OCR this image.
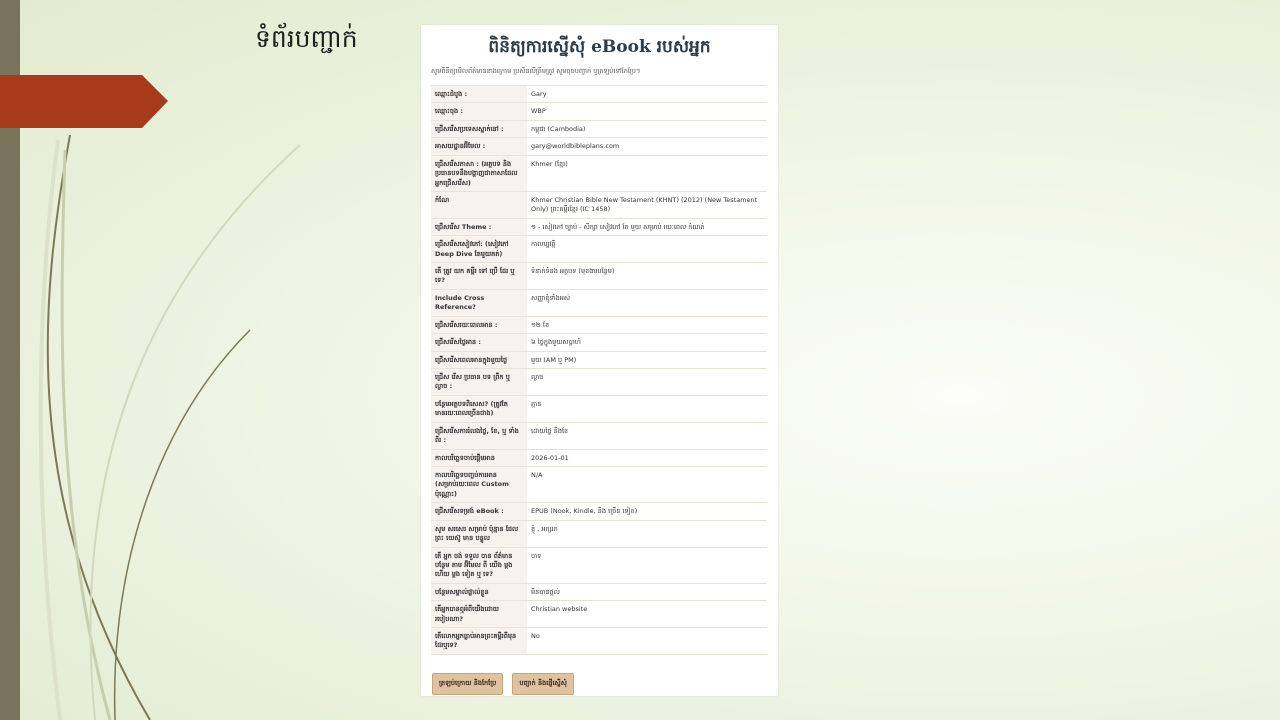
ទំព័របញ្ជាក់	ពិនិត្យការស្នើសុំ eBook របស់អ្នក
សូមពិនិត្យមើលព័ត៌មានខាងក្រោម ប្រសិនបើត្រឹមត្រូវ សូមចុចបញ្ជាក់ ឬត្រឡប់ទៅកែប្រែ។
ឈ្មោះដំបូង :	Gary
ឈ្មោះចុង :	WBP
ជ្រើសរើសប្រទេសស្នាក់នៅ :	កម្ពុជា (Cambodia)
អាសយដ្ឋានអ៊ីមែល :	gary@worldbibleplans.com
ជ្រើសរើសភាសា : (អត្ថបទ និងប្រធានបទនឹងបង្ហាញជាភាសាដែលអ្នកជ្រើសរើស)	Khmer (ខ្មែរ)
កំណែ	Khmer Christian Bible New Testament (KHNT) (2012) (New Testament Only) ព្រះគម្ពីរខ្មែរ (IC 1458)
ជ្រើសរើស Theme :	១ - សៀវភៅ ច្បាប់ - សិក្សា សៀវភៅ តែ មួយ សម្រាប់ រយៈពេល កំណត់
ជ្រើសរើសសៀវភៅ: (សៀវភៅ Deep Dive តែមួយគត់)	កាលប្បវត្តិ
តើ ត្រូវ យក គម្ពីរ ទៅ ប្រើ ដែរ ឬ ទេ?	ទំនាក់ទំនង អត្ថបទ (មុខងារបន្ថែម)
Include Cross Reference?	សញ្ញាខ្ញុំទាំងអស់
ជ្រើសរើសរយៈពេលអាន :	១២ ខែ
ជ្រើសរើសថ្ងៃអាន :	៦ ថ្ងៃក្នុងមួយសប្តាហ៍
ជ្រើសរើសពេលអានក្នុងមួយថ្ងៃ	មួយ (AM ឬ PM)
ជ្រើស រើស ប្រធាន បទ ព្រឹក ឬ ល្ងាច :	ល្ងាច
បន្ថែមអត្ថបទពិសេស? (ត្រូវតែមានរយៈពេលច្រើនជាង)	គ្មាន
ជ្រើសរើសការរំលងថ្ងៃ, ខែ, ឬ ទាំងពីរ :	ដោយថ្ងៃ និងខែ
កាលបរិច្ឆេទចាប់ផ្តើមអាន	2026-01-01
កាលបរិច្ឆេទបញ្ចប់ការអាន (សម្រាប់រយៈពេល Custom ប៉ុណ្ណោះ)	N/A
ជ្រើសរើសទម្រង់ eBook :	EPUB (Nook, Kindle, និង ច្រើន ទៀត)
សូម សរសេរ សម្រាប់ ប៉ុន្មាន ដែល ព្រះ យេស៊ូ មាន បន្ទូល	ខ្ញុំ , អក្សរក
តើ អ្នក ចង់ ទទួល បាន ព័ត៌មាន បន្ថែម តាម អ៊ីមែល ពី យើង ម្តង ហើយ ម្តង ទៀត ឬ ទេ?	បាទ
បន្ថែមសម្គាល់ផ្ទាល់ខ្លួន	មិនបានផ្តល់
តើអ្នកបានឮអំពីយើងដោយរបៀបណា?	Christian website
តើលោកអ្នកធ្លាប់អានព្រះគម្ពីរពីមុនដែរឬទេ?	No
ត្រឡប់ក្រោយ និងកែប្រែ	បញ្ជាក់ និងផ្ញើស្នើសុំ
